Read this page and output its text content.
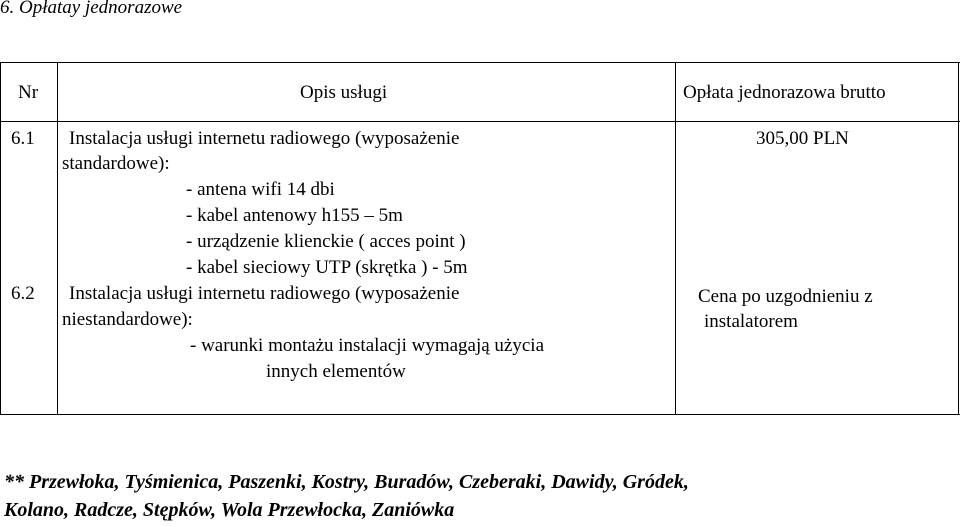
6. Opłatay jednorazowe
Nr	Opis usługi	Opłata jednorazowa brutto
6.1 Instalacja usługi internetu radiowego (wyposażenie
standardowe):
- antena wifi 14 dbi
- kabel antenowy h155 – 5m
- urządzenie klienckie ( acces point )
- kabel sieciowy UTP (skrętka ) - 5m
305,00 PLN
6.2 Instalacja usługi internetu radiowego (wyposażenie
niestandardowe):
- warunki montażu instalacji wymagają użycia
innych elementów
Cena po uzgodnieniu z
instalatorem
** Przewłoka, Tyśmienica, Paszenki, Kostry, Buradów, Czeberaki, Dawidy, Gródek,
Kolano, Radcze, Stępków, Wola Przewłocka, Zaniówka
